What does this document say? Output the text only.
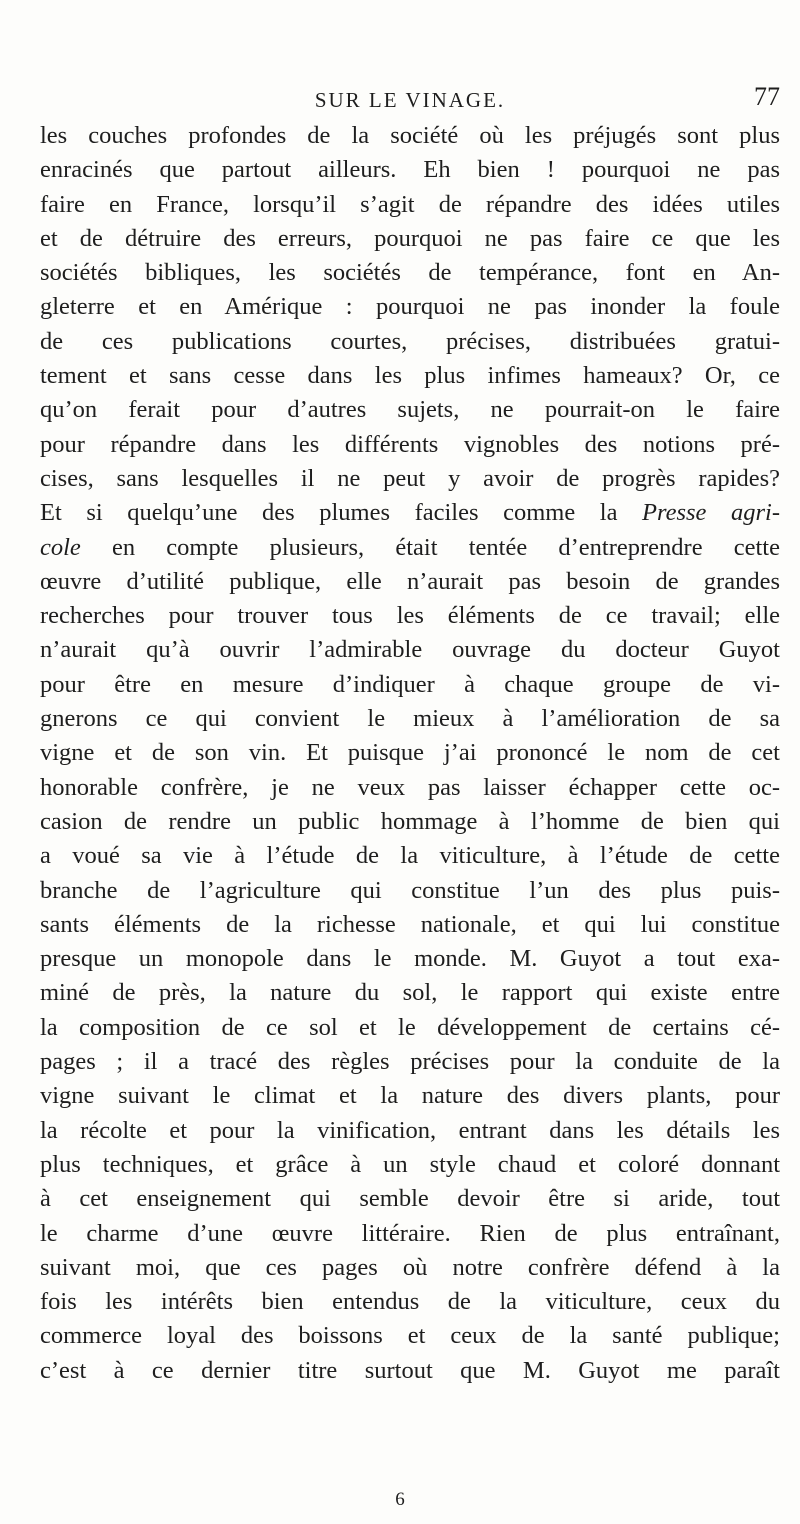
SUR LE VINAGE.	77
les couches profondes de la société où les préjugés sont plus
enracinés que partout ailleurs. Eh bien ! pourquoi ne pas
faire en France, lorsqu’il s’agit de répandre des idées utiles
et de détruire des erreurs, pourquoi ne pas faire ce que les
sociétés bibliques, les sociétés de tempérance, font en An-
gleterre et en Amérique : pourquoi ne pas inonder la foule
de ces publications courtes, précises, distribuées gratui-
tement et sans cesse dans les plus infimes hameaux? Or, ce
qu’on ferait pour d’autres sujets, ne pourrait-on le faire
pour répandre dans les différents vignobles des notions pré-
cises, sans lesquelles il ne peut y avoir de progrès rapides?
Et si quelqu’une des plumes faciles comme la Presse agri-
cole en compte plusieurs, était tentée d’entreprendre cette
œuvre d’utilité publique, elle n’aurait pas besoin de grandes
recherches pour trouver tous les éléments de ce travail; elle
n’aurait qu’à ouvrir l’admirable ouvrage du docteur Guyot
pour être en mesure d’indiquer à chaque groupe de vi-
gnerons ce qui convient le mieux à l’amélioration de sa
vigne et de son vin. Et puisque j’ai prononcé le nom de cet
honorable confrère, je ne veux pas laisser échapper cette oc-
casion de rendre un public hommage à l’homme de bien qui
a voué sa vie à l’étude de la viticulture, à l’étude de cette
branche de l’agriculture qui constitue l’un des plus puis-
sants éléments de la richesse nationale, et qui lui constitue
presque un monopole dans le monde. M. Guyot a tout exa-
miné de près, la nature du sol, le rapport qui existe entre
la composition de ce sol et le développement de certains cé-
pages ; il a tracé des règles précises pour la conduite de la
vigne suivant le climat et la nature des divers plants, pour
la récolte et pour la vinification, entrant dans les détails les
plus techniques, et grâce à un style chaud et coloré donnant
à cet enseignement qui semble devoir être si aride, tout
le charme d’une œuvre littéraire. Rien de plus entraînant,
suivant moi, que ces pages où notre confrère défend à la
fois les intérêts bien entendus de la viticulture, ceux du
commerce loyal des boissons et ceux de la santé publique;
c’est à ce dernier titre surtout que M. Guyot me paraît
6
